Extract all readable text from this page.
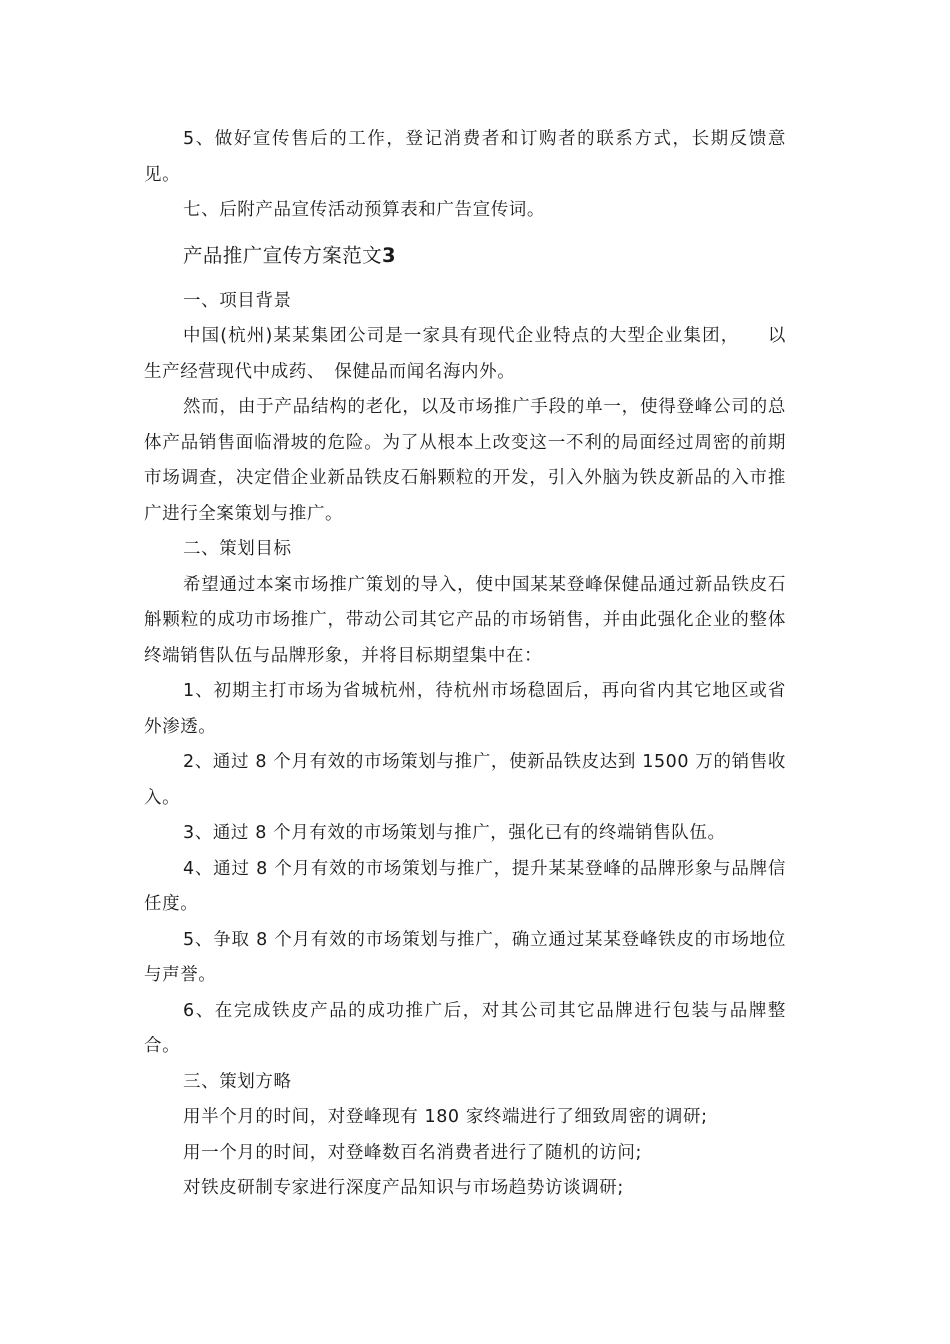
5、做好宣传售后的工作，登记消费者和订购者的联系方式，长期反馈意见。

七、后附产品宣传活动预算表和广告宣传词。

产品推广宣传方案范文3

一、项目背景

中国(杭州)某某集团公司是一家具有现代企业特点的大型企业集团，　　以生产经营现代中成药、　保健品而闻名海内外。

然而，由于产品结构的老化，以及市场推广手段的单一，使得登峰公司的总体产品销售面临滑坡的危险。为了从根本上改变这一不利的局面经过周密的前期市场调查，决定借企业新品铁皮石斛颗粒的开发，引入外脑为铁皮新品的入市推广进行全案策划与推广。

二、策划目标

希望通过本案市场推广策划的导入，使中国某某登峰保健品通过新品铁皮石斛颗粒的成功市场推广，带动公司其它产品的市场销售，并由此强化企业的整体终端销售队伍与品牌形象，并将目标期望集中在：

1、初期主打市场为省城杭州，待杭州市场稳固后，再向省内其它地区或省外渗透。

2、通过 8 个月有效的市场策划与推广，使新品铁皮达到 1500 万的销售收入。

3、通过 8 个月有效的市场策划与推广，强化已有的终端销售队伍。

4、通过 8 个月有效的市场策划与推广，提升某某登峰的品牌形象与品牌信任度。

5、争取 8 个月有效的市场策划与推广，确立通过某某登峰铁皮的市场地位与声誉。

6、在完成铁皮产品的成功推广后，对其公司其它品牌进行包装与品牌整合。

三、策划方略

用半个月的时间，对登峰现有 180 家终端进行了细致周密的调研;

用一个月的时间，对登峰数百名消费者进行了随机的访问;

对铁皮研制专家进行深度产品知识与市场趋势访谈调研;
